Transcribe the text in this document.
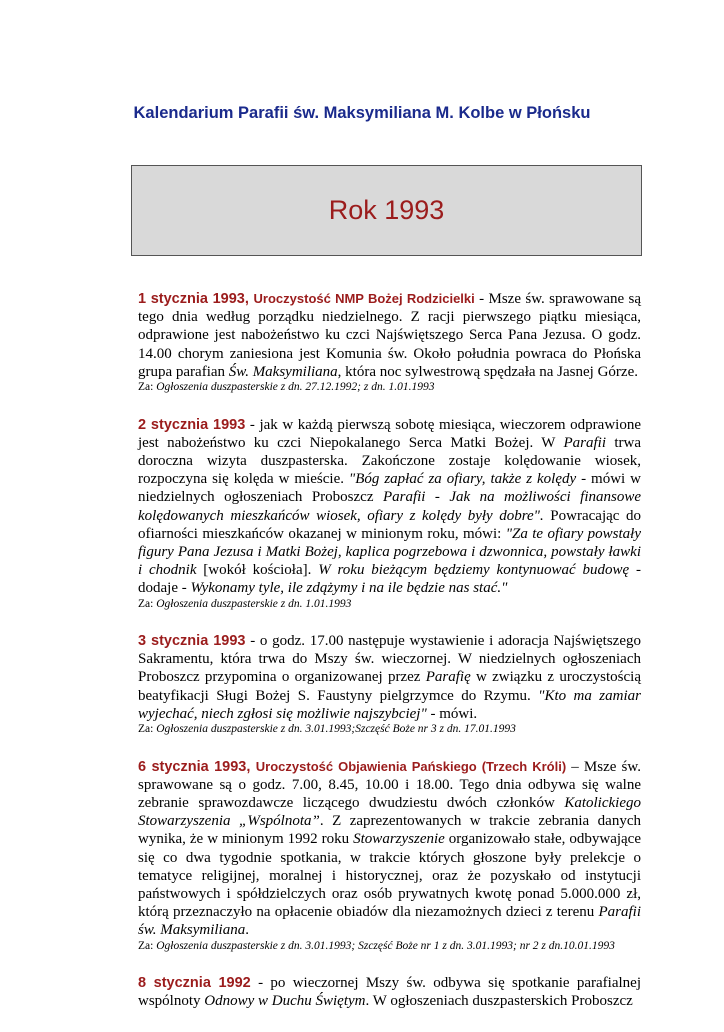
Kalendarium Parafii św. Maksymiliana M. Kolbe w Płońsku
Rok 1993

1 stycznia 1993, Uroczystość NMP Bożej Rodzicielki - Msze św. sprawowane są tego dnia według porządku niedzielnego. Z racji pierwszego piątku miesiąca, odprawione jest nabożeństwo ku czci Najświętszego Serca Pana Jezusa. O godz. 14.00 chorym zaniesiona jest Komunia św. Około południa powraca do Płońska grupa parafian Św. Maksymiliana, która noc sylwestrową spędzała na Jasnej Górze.

Za: Ogłoszenia duszpasterskie z dn. 27.12.1992; z dn. 1.01.1993

2 stycznia 1993 - jak w każdą pierwszą sobotę miesiąca, wieczorem odprawione jest nabożeństwo ku czci Niepokalanego Serca Matki Bożej. W Parafii trwa doroczna wizyta duszpasterska. Zakończone zostaje kolędowanie wiosek, rozpoczyna się kolęda w mieście. "Bóg zapłać za ofiary, także z kolędy - mówi w niedzielnych ogłoszeniach Proboszcz Parafii - Jak na możliwości finansowe kolędowanych mieszkańców wiosek, ofiary z kolędy były dobre". Powracając do ofiarności mieszkańców okazanej w minionym roku, mówi: "Za te ofiary powstały figury Pana Jezusa i Matki Bożej, kaplica pogrzebowa i dzwonnica, powstały ławki i chodnik [wokół kościoła]. W roku bieżącym będziemy kontynuować budowę - dodaje - Wykonamy tyle, ile zdążymy i na ile będzie nas stać."

Za: Ogłoszenia duszpasterskie z dn. 1.01.1993

3 stycznia 1993 - o godz. 17.00 następuje wystawienie i adoracja Najświętszego Sakramentu, która trwa do Mszy św. wieczornej. W niedzielnych ogłoszeniach Proboszcz przypomina o organizowanej przez Parafię w związku z uroczystością beatyfikacji Sługi Bożej S. Faustyny pielgrzymce do Rzymu. "Kto ma zamiar wyjechać, niech zgłosi się możliwie najszybciej" - mówi.

Za: Ogłoszenia duszpasterskie z dn. 3.01.1993;Szczęść Boże nr 3 z dn. 17.01.1993

6 stycznia 1993, Uroczystość Objawienia Pańskiego (Trzech Króli) – Msze św. sprawowane są o godz. 7.00, 8.45, 10.00 i 18.00. Tego dnia odbywa się walne zebranie sprawozdawcze liczącego dwudziestu dwóch członków Katolickiego Stowarzyszenia „Wspólnota”. Z zaprezentowanych w trakcie zebrania danych wynika, że w minionym 1992 roku Stowarzyszenie organizowało stałe, odbywające się co dwa tygodnie spotkania, w trakcie których głoszone były prelekcje o tematyce religijnej, moralnej i historycznej, oraz że pozyskało od instytucji państwowych i spółdzielczych oraz osób prywatnych kwotę ponad 5.000.000 zł, którą przeznaczyło na opłacenie obiadów dla niezamożnych dzieci z terenu Parafii św. Maksymiliana.

Za: Ogłoszenia duszpasterskie z dn. 3.01.1993; Szczęść Boże nr 1 z dn. 3.01.1993; nr 2 z dn.10.01.1993

8 stycznia 1992 - po wieczornej Mszy św. odbywa się spotkanie parafialnej wspólnoty Odnowy w Duchu Świętym. W ogłoszeniach duszpasterskich Proboszcz
